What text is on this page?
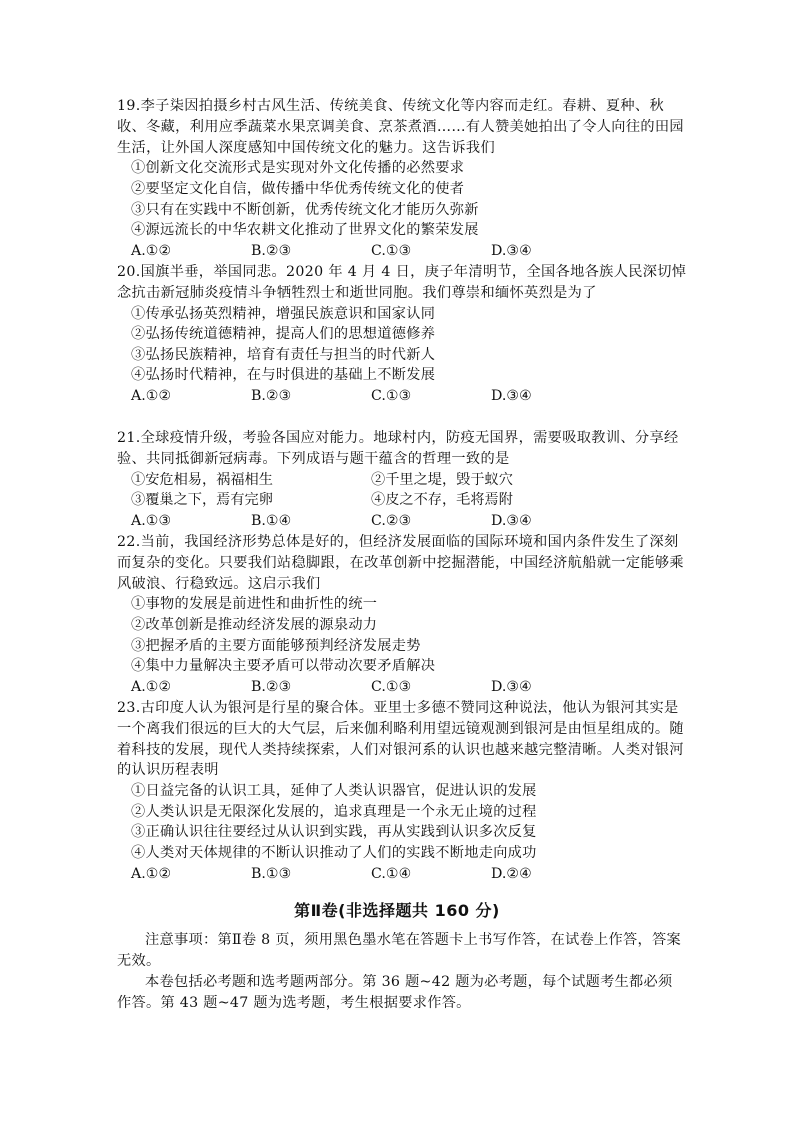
19.李子柒因拍摄乡村古风生活、传统美食、传统文化等内容而走红。春耕、夏种、秋收、冬藏，利用应季蔬菜水果烹调美食、烹茶煮酒……有人赞美她拍出了令人向往的田园生活，让外国人深度感知中国传统文化的魅力。这告诉我们

①创新文化交流形式是实现对外文化传播的必然要求

②要坚定文化自信，做传播中华优秀传统文化的使者

③只有在实践中不断创新，优秀传统文化才能历久弥新

④源远流长的中华农耕文化推动了世界文化的繁荣发展

A.①②	B.②③	C.①③	D.③④

20.国旗半垂，举国同悲。2020 年 4 月 4 日，庚子年清明节，全国各地各族人民深切悼念抗击新冠肺炎疫情斗争牺牲烈士和逝世同胞。我们尊崇和缅怀英烈是为了

①传承弘扬英烈精神，增强民族意识和国家认同

②弘扬传统道德精神，提高人们的思想道德修养

③弘扬民族精神，培育有责任与担当的时代新人

④弘扬时代精神，在与时俱进的基础上不断发展

A.①②	B.②③	C.①③	D.③④

21.全球疫情升级，考验各国应对能力。地球村内，防疫无国界，需要吸取教训、分享经验、共同抵御新冠病毒。下列成语与题干蕴含的哲理一致的是

①安危相易，祸福相生	②千里之堤，毁于蚁穴
③覆巢之下，焉有完卵	④皮之不存，毛将焉附
A.①③	B.①④	C.②③	D.③④

22.当前，我国经济形势总体是好的，但经济发展面临的国际环境和国内条件发生了深刻而复杂的变化。只要我们站稳脚跟，在改革创新中挖掘潜能，中国经济航船就一定能够乘风破浪、行稳致远。这启示我们

①事物的发展是前进性和曲折性的统一

②改革创新是推动经济发展的源泉动力

③把握矛盾的主要方面能够预判经济发展走势

④集中力量解决主要矛盾可以带动次要矛盾解决

A.①②	B.②③	C.①③	D.③④

23.古印度人认为银河是行星的聚合体。亚里士多德不赞同这种说法，他认为银河其实是一个离我们很远的巨大的大气层，后来伽利略利用望远镜观测到银河是由恒星组成的。随着科技的发展，现代人类持续探索，人们对银河系的认识也越来越完整清晰。人类对银河的认识历程表明

①日益完备的认识工具，延伸了人类认识器官，促进认识的发展

②人类认识是无限深化发展的，追求真理是一个永无止境的过程

③正确认识往往要经过从认识到实践，再从实践到认识多次反复

④人类对天体规律的不断认识推动了人们的实践不断地走向成功

A.①②	B.①③	C.①④	D.②④
第Ⅱ卷(非选择题共 160 分)

注意事项：第Ⅱ卷 8 页，须用黑色墨水笔在答题卡上书写作答，在试卷上作答，答案无效。

本卷包括必考题和选考题两部分。第 36 题~42 题为必考题，每个试题考生都必须作答。第 43 题~47 题为选考题，考生根据要求作答。
